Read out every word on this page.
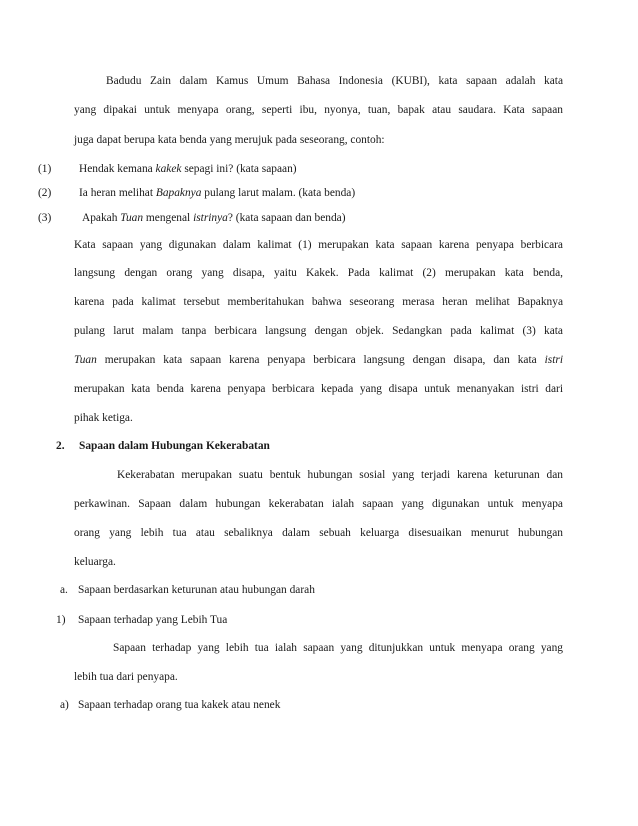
Badudu Zain dalam Kamus Umum Bahasa Indonesia (KUBI), kata sapaan adalah kata
yang dipakai untuk menyapa orang, seperti ibu, nyonya, tuan, bapak atau saudara. Kata sapaan
juga dapat berupa kata benda yang merujuk pada seseorang, contoh:
(1) Hendak kemana kakek sepagi ini? (kata sapaan)
(2) Ia heran melihat Bapaknya pulang larut malam. (kata benda)
(3)	Apakah Tuan mengenal istrinya? (kata sapaan dan benda)
Kata sapaan yang digunakan dalam kalimat (1) merupakan kata sapaan karena penyapa berbicara
langsung dengan orang yang disapa, yaitu Kakek. Pada kalimat (2) merupakan kata benda,
karena pada kalimat tersebut memberitahukan bahwa seseorang merasa heran melihat Bapaknya
pulang larut malam tanpa berbicara langsung dengan objek. Sedangkan pada kalimat (3) kata
Tuan merupakan kata sapaan karena penyapa berbicara langsung dengan disapa, dan kata istri
merupakan kata benda karena penyapa berbicara kepada yang disapa untuk menanyakan istri dari
pihak ketiga.
2. Sapaan dalam Hubungan Kekerabatan
Kekerabatan merupakan suatu bentuk hubungan sosial yang terjadi karena keturunan dan
perkawinan. Sapaan dalam hubungan kekerabatan ialah sapaan yang digunakan untuk menyapa
orang yang lebih tua atau sebaliknya dalam sebuah keluarga disesuaikan menurut hubungan
keluarga.
a. Sapaan berdasarkan keturunan atau hubungan darah
1) Sapaan terhadap yang Lebih Tua
Sapaan terhadap yang lebih tua ialah sapaan yang ditunjukkan untuk menyapa orang yang
lebih tua dari penyapa.
a) Sapaan terhadap orang tua kakek atau nenek
